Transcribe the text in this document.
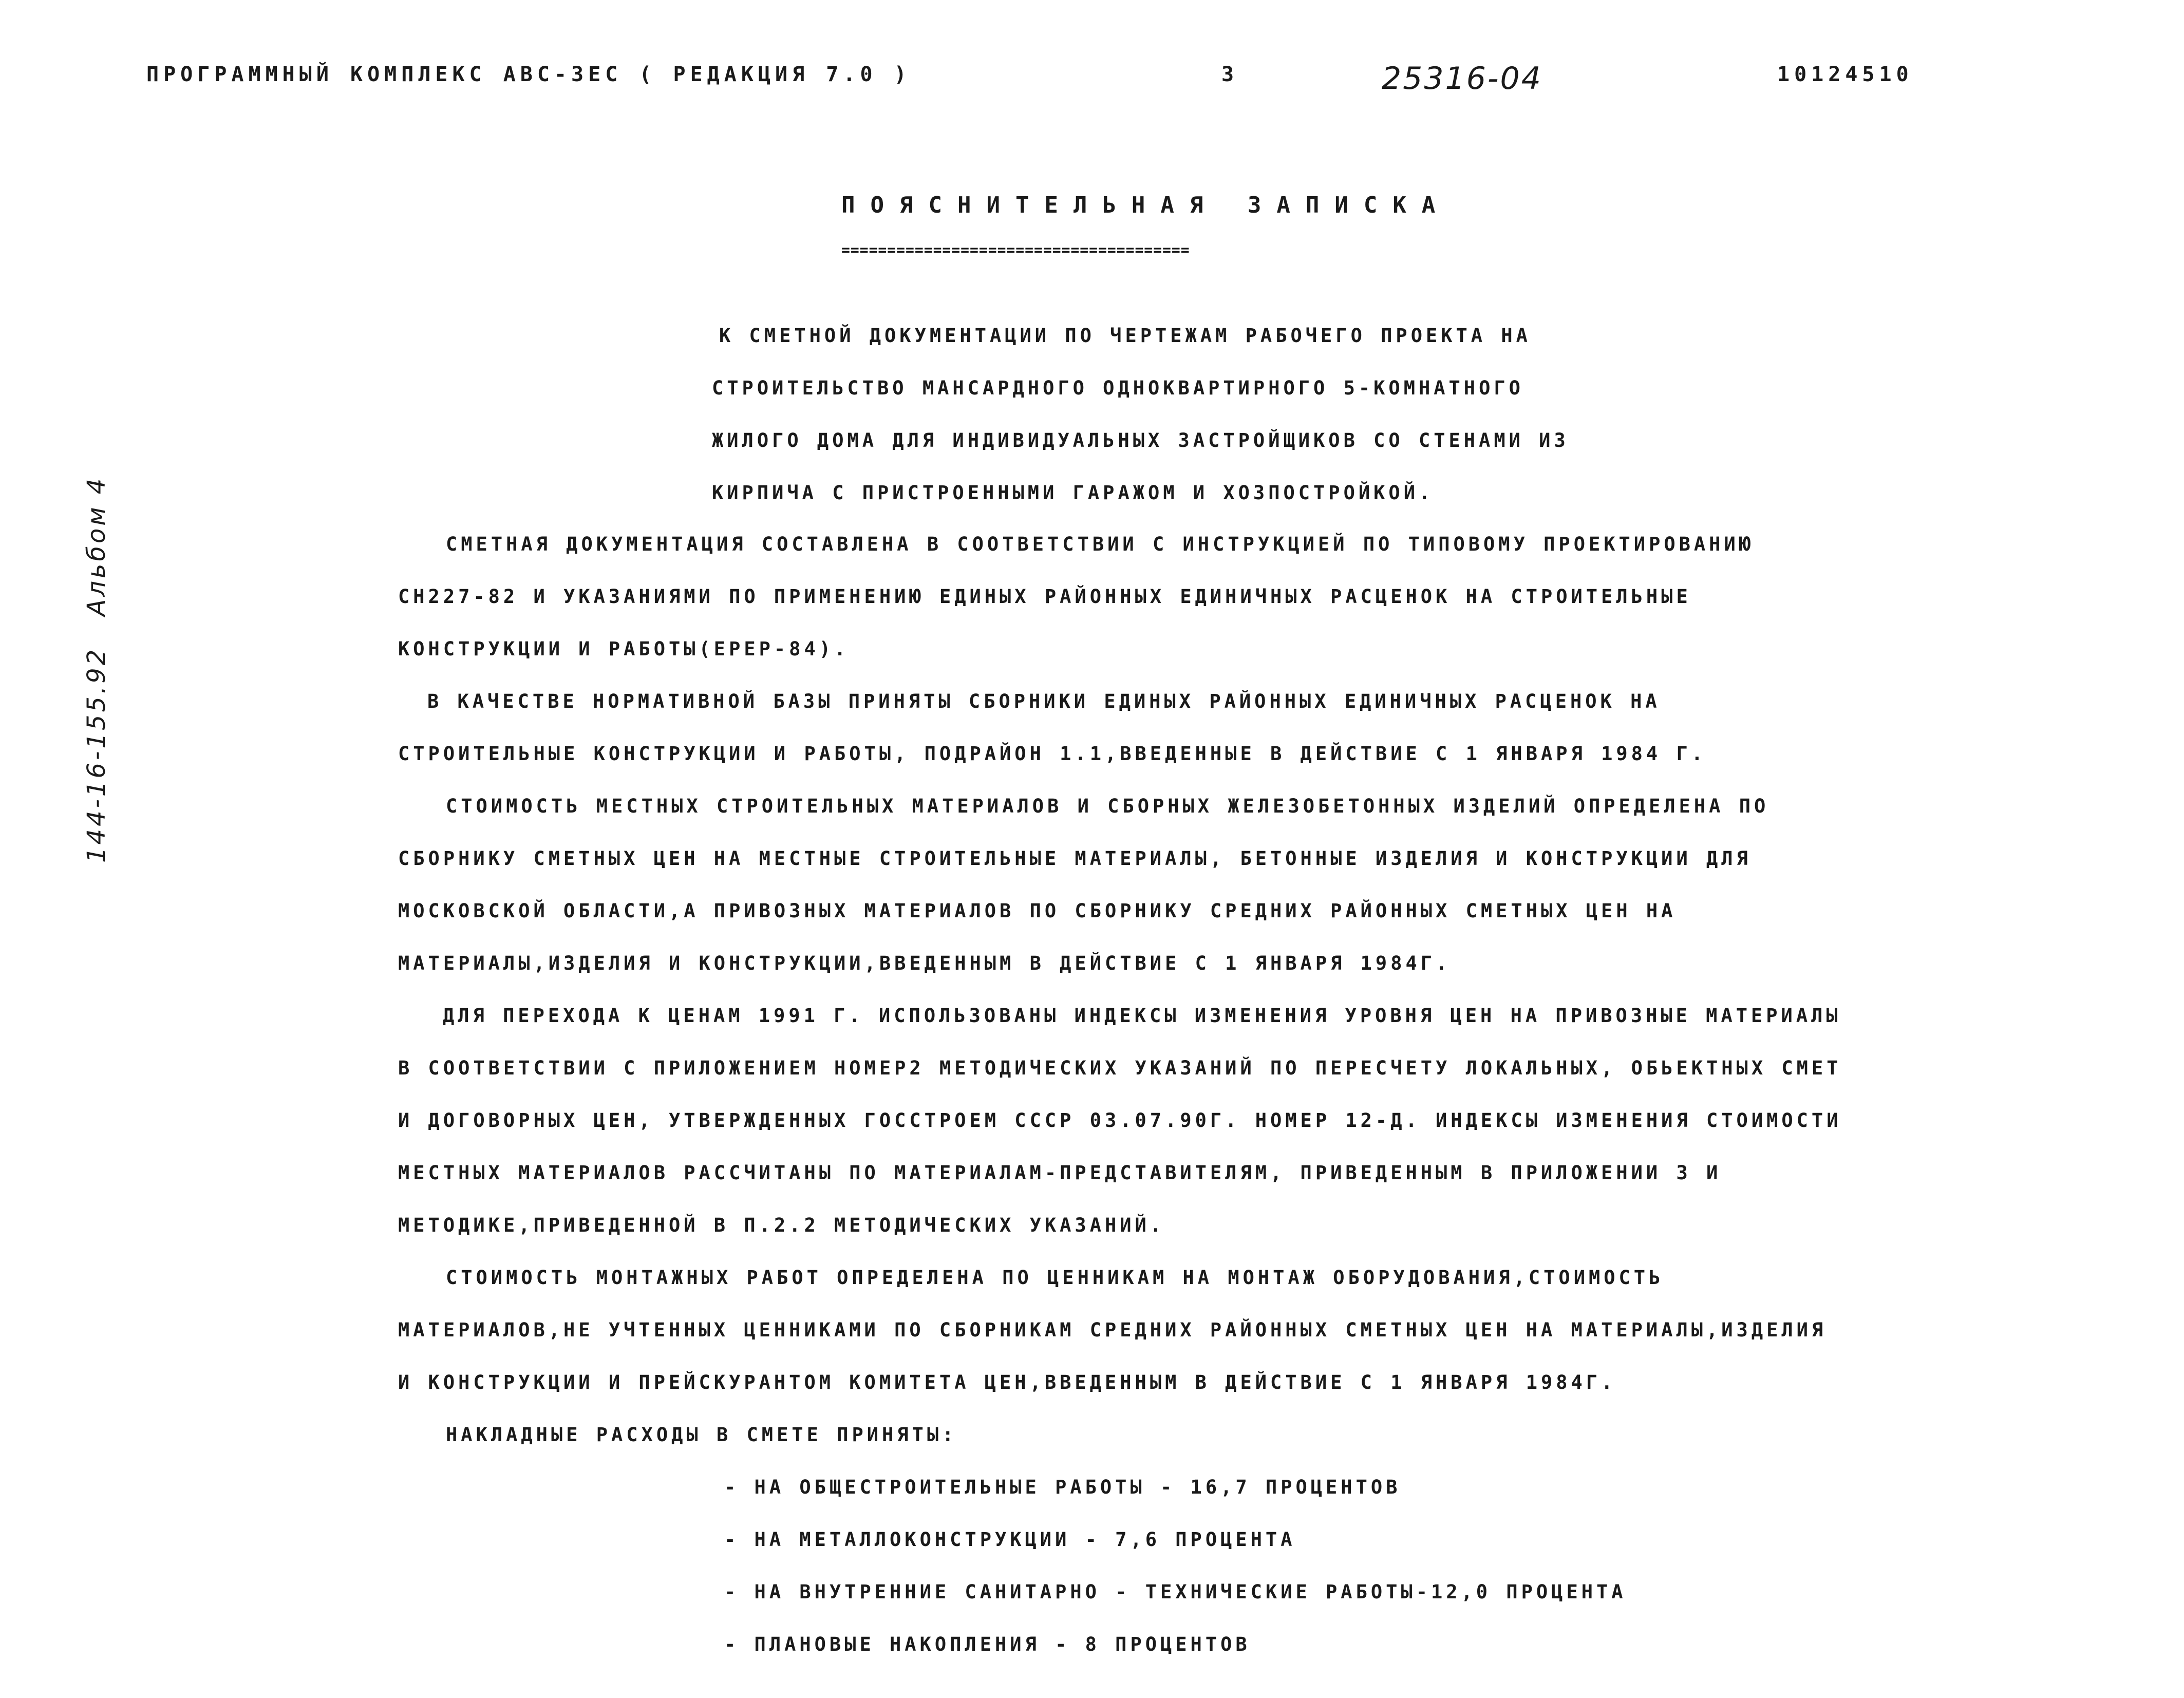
ПРОГРАММНЫЙ КОМПЛЕКС АВС-3ЕС ( РЕДАКЦИЯ 7.0 )	3	25316-04	10124510
144-16-155.92 Альбом 4
ПОЯСНИТЕЛЬНАЯ ЗАПИСКА
======================================
К СМЕТНОЙ ДОКУМЕНТАЦИИ ПО ЧЕРТЕЖАМ РАБОЧЕГО ПРОЕКТА НА
СТРОИТЕЛЬСТВО МАНСАРДНОГО ОДНОКВАРТИРНОГО 5-КОМНАТНОГО
ЖИЛОГО ДОМА ДЛЯ ИНДИВИДУАЛЬНЫХ ЗАСТРОЙЩИКОВ СО СТЕНАМИ ИЗ
КИРПИЧА С ПРИСТРОЕННЫМИ ГАРАЖОМ И ХОЗПОСТРОЙКОЙ.
СМЕТНАЯ ДОКУМЕНТАЦИЯ СОСТАВЛЕНА В СООТВЕТСТВИИ С ИНСТРУКЦИЕЙ ПО ТИПОВОМУ ПРОЕКТИРОВАНИЮ
СН227-82 И УКАЗАНИЯМИ ПО ПРИМЕНЕНИЮ ЕДИНЫХ РАЙОННЫХ ЕДИНИЧНЫХ РАСЦЕНОК НА СТРОИТЕЛЬНЫЕ
КОНСТРУКЦИИ И РАБОТЫ(ЕРЕР-84).
В КАЧЕСТВЕ НОРМАТИВНОЙ БАЗЫ ПРИНЯТЫ СБОРНИКИ ЕДИНЫХ РАЙОННЫХ ЕДИНИЧНЫХ РАСЦЕНОК НА
СТРОИТЕЛЬНЫЕ КОНСТРУКЦИИ И РАБОТЫ, ПОДРАЙОН 1.1,ВВЕДЕННЫЕ В ДЕЙСТВИЕ С 1 ЯНВАРЯ 1984 Г.
СТОИМОСТЬ МЕСТНЫХ СТРОИТЕЛЬНЫХ МАТЕРИАЛОВ И СБОРНЫХ ЖЕЛЕЗОБЕТОННЫХ ИЗДЕЛИЙ ОПРЕДЕЛЕНА ПО
СБОРНИКУ СМЕТНЫХ ЦЕН НА МЕСТНЫЕ СТРОИТЕЛЬНЫЕ МАТЕРИАЛЫ, БЕТОННЫЕ ИЗДЕЛИЯ И КОНСТРУКЦИИ ДЛЯ
МОСКОВСКОЙ ОБЛАСТИ,А ПРИВОЗНЫХ МАТЕРИАЛОВ ПО СБОРНИКУ СРЕДНИХ РАЙОННЫХ СМЕТНЫХ ЦЕН НА
МАТЕРИАЛЫ,ИЗДЕЛИЯ И КОНСТРУКЦИИ,ВВЕДЕННЫМ В ДЕЙСТВИЕ С 1 ЯНВАРЯ 1984Г.
ДЛЯ ПЕРЕХОДА К ЦЕНАМ 1991 Г. ИСПОЛЬЗОВАНЫ ИНДЕКСЫ ИЗМЕНЕНИЯ УРОВНЯ ЦЕН НА ПРИВОЗНЫЕ МАТЕРИАЛЫ
В СООТВЕТСТВИИ С ПРИЛОЖЕНИЕМ НОМЕР2 МЕТОДИЧЕСКИХ УКАЗАНИЙ ПО ПЕРЕСЧЕТУ ЛОКАЛЬНЫХ, ОБЬЕКТНЫХ СМЕТ
И ДОГОВОРНЫХ ЦЕН, УТВЕРЖДЕННЫХ ГОССТРОЕМ СССР 03.07.90Г. НОМЕР 12-Д. ИНДЕКСЫ ИЗМЕНЕНИЯ СТОИМОСТИ
МЕСТНЫХ МАТЕРИАЛОВ РАССЧИТАНЫ ПО МАТЕРИАЛАМ-ПРЕДСТАВИТЕЛЯМ, ПРИВЕДЕННЫМ В ПРИЛОЖЕНИИ 3 И
МЕТОДИКЕ,ПРИВЕДЕННОЙ В П.2.2 МЕТОДИЧЕСКИХ УКАЗАНИЙ.
СТОИМОСТЬ МОНТАЖНЫХ РАБОТ ОПРЕДЕЛЕНА ПО ЦЕННИКАМ НА МОНТАЖ ОБОРУДОВАНИЯ,СТОИМОСТЬ
МАТЕРИАЛОВ,НЕ УЧТЕННЫХ ЦЕННИКАМИ ПО СБОРНИКАМ СРЕДНИХ РАЙОННЫХ СМЕТНЫХ ЦЕН НА МАТЕРИАЛЫ,ИЗДЕЛИЯ
И КОНСТРУКЦИИ И ПРЕЙСКУРАНТОМ КОМИТЕТА ЦЕН,ВВЕДЕННЫМ В ДЕЙСТВИЕ С 1 ЯНВАРЯ 1984Г.
НАКЛАДНЫЕ РАСХОДЫ В СМЕТЕ ПРИНЯТЫ:
- НА ОБЩЕСТРОИТЕЛЬНЫЕ РАБОТЫ - 16,7 ПРОЦЕНТОВ
- НА МЕТАЛЛОКОНСТРУКЦИИ - 7,6 ПРОЦЕНТА
- НА ВНУТРЕННИЕ САНИТАРНО - ТЕХНИЧЕСКИЕ РАБОТЫ-12,0 ПРОЦЕНТА
- ПЛАНОВЫЕ НАКОПЛЕНИЯ - 8 ПРОЦЕНТОВ
